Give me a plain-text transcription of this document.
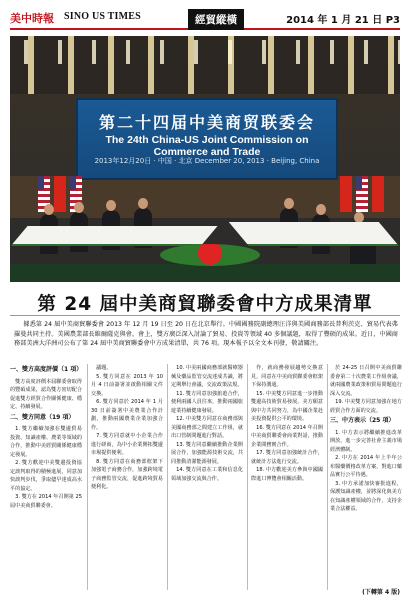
美中時報 SINO US TIMES	經貿縱橫	2014 年 1 月 21 日 P3
第二十四届中美商贸联委会
The 24th China-US Joint Commission on Commerce and Trade
2013年12月20日 · 中国 · 北京 December 20, 2013 · Beijing, China
第 24 屆中美商貿聯委會中方成果清單
據悉第 24 屆中美商貿聯委會 2013 年 12 月 19 日至 20 日在北京舉行。中國國務院副總理汪洋與美國商務部長普利茨克、貿易代表弗羅曼共同主持。美國農業部長維爾薩克與會。會上，雙方廣泛深入討論了貿易、投資等領域 40 多個議題，取得了豐碩的成果。近日，中國商務部美洲大洋洲司公布了第 24 屆中美商貿聯委會中方成果清單，共 76 項。現本報予以全文本刊發，敬請關注。
一、雙方高度評價（1 項）

雙方高度評價本屆聯委會取得的豐碩成果，認為雙方密切配合促進雙方經貿合作關係健康、穩定、持續發展。

二、雙方同意（19 項）

1. 雙方繼續加強在雙邊貿易投資、知識產權、農業等領域的合作，推動中美經貿關係健康穩定發展。

2. 雙方歡迎中美雙邊投資協定談判取得的積極進展，同意加快談判步伐，爭取儘早達成高水平的協定。

3. 雙方在 2014 年召開第 25 屆中美商貿聯委會。

議題。

5. 雙方同意在 2013 年 10 月 4 日前簽署並啟動相關文件交換。

6. 雙方同意於 2014 年 1 月 30 日前簽署中美農業合作計劃，推動兩國農業企業加強合作。

7. 雙方同意就中小企業合作進行磋商，為中小企業開拓雙邊市場提供便利。

8. 雙方同意在商務部框架下加強電子商務合作，加強跨境電子商務監管交流，促進跨境貿易便利化。

10. 中美兩國商務部就醫療器械及藥品監管交流達成共識，將定期舉行會議，交流政策法規。

11. 雙方同意加強旅遊合作，便利兩國人員往來，推動兩國旅遊業持續健康發展。

12. 中美雙方同意在商務部與美國商務部之間建立工作組，就出口管制問題進行對話。

13. 雙方同意繼續推動企業開展合作，加強能源技術交流，共同推動清潔能源發展。

14. 雙方同意在工業和信息化領域加強交流與合作。

作，就商務發展趨勢交換意見，同意在中美商貿聯委會框架下保持溝通。

15. 中美雙方同意進一步推動雙邊高技術貿易發展，美方願意與中方共同努力，為中國企業赴美投資提供公平的環境。

16. 雙方同意在 2014 年召開中美商貿聯委會商業對話，推動企業間務實合作。

17. 雙方同意加強統計合作，就統計方法進行交流。

18. 中方歡迎美方參與中國國際進口博覽會相關活動。

於 24-25 日召開中美商貿聯委會第二十次農業工作組會議，就兩國農業政策和貿易問題進行深入交流。

19. 中美雙方同意加強在地方經貿合作方面的交流。

三、中方表示（25 項）

1. 中方表示將繼續推進改革開放，進一步完善社會主義市場經濟體制。

2. 中方在 2014 年上半年公布醫藥價格改革方案，對進口藥品實行公平待遇。

3. 中方承諾加快審批進程，保護知識產權，並將深化與美方在知識產權領域的合作，支持企業合法權益。

(下轉第 4 版)
